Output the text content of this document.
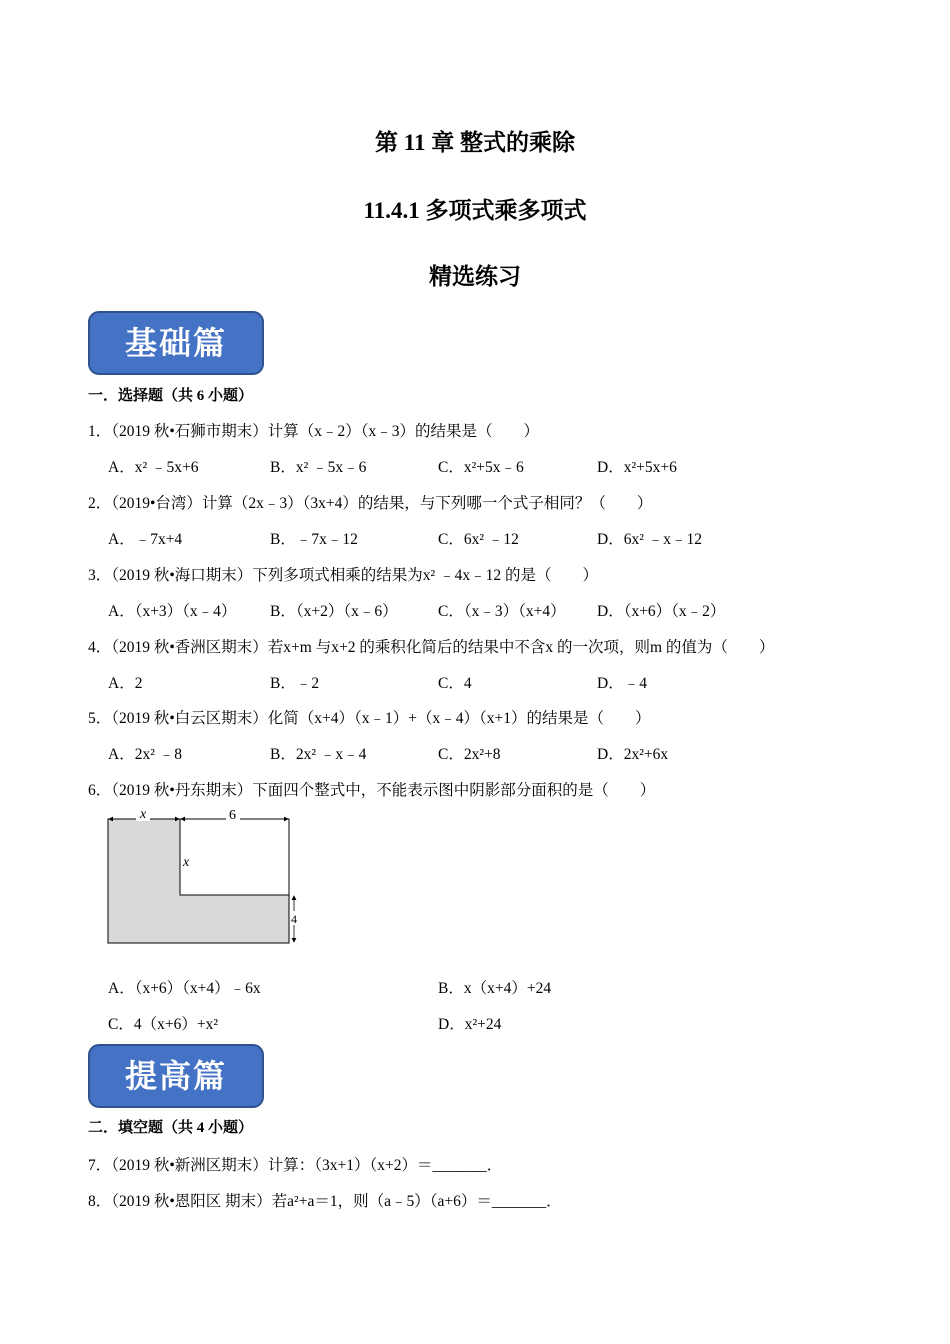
第 11 章 整式的乘除
11.4.1 多项式乘多项式
精选练习
基础篇
一．选择题（共 6 小题）
1．（2019 秋•石狮市期末）计算（x﹣2）（x﹣3）的结果是（　　）
A．x² ﹣5x+6	B．x² ﹣5x﹣6	C．x²+5x﹣6	D．x²+5x+6
2．（2019•台湾）计算（2x﹣3）（3x+4）的结果，与下列哪一个式子相同？（　　）
A．﹣7x+4	B．﹣7x﹣12	C．6x² ﹣12	D．6x² ﹣x﹣12
3．（2019 秋•海口期末）下列多项式相乘的结果为x² ﹣4x﹣12 的是（　　）
A．（x+3）（x﹣4） B．（x+2）（x﹣6）	C．（x﹣3）（x+4） D．（x+6）（x﹣2）
4．（2019 秋•香洲区期末）若x+m 与x+2 的乘积化简后的结果中不含x 的一次项，则m 的值为（　　）
A．2	B．﹣2	C．4	D．﹣4
5．（2019 秋•白云区期末）化简（x+4）（x﹣1）+（x﹣4）（x+1）的结果是（　　）
A．2x² ﹣8	B．2x² ﹣x﹣4	C．2x²+8	D．2x²+6x
6．（2019 秋•丹东期末）下面四个整式中，不能表示图中阴影部分面积的是（　　）
x	6
x
4
A．（x+6）（x+4）﹣6x	B．x（x+4）+24
C．4（x+6）+x²	D．x²+24
提高篇
二．填空题（共 4 小题）
7．（2019 秋•新洲区期末）计算：（3x+1）（x+2）＝_______．
8．（2019 秋•恩阳区 期末）若a²+a＝1，则（a﹣5）（a+6）＝_______．
